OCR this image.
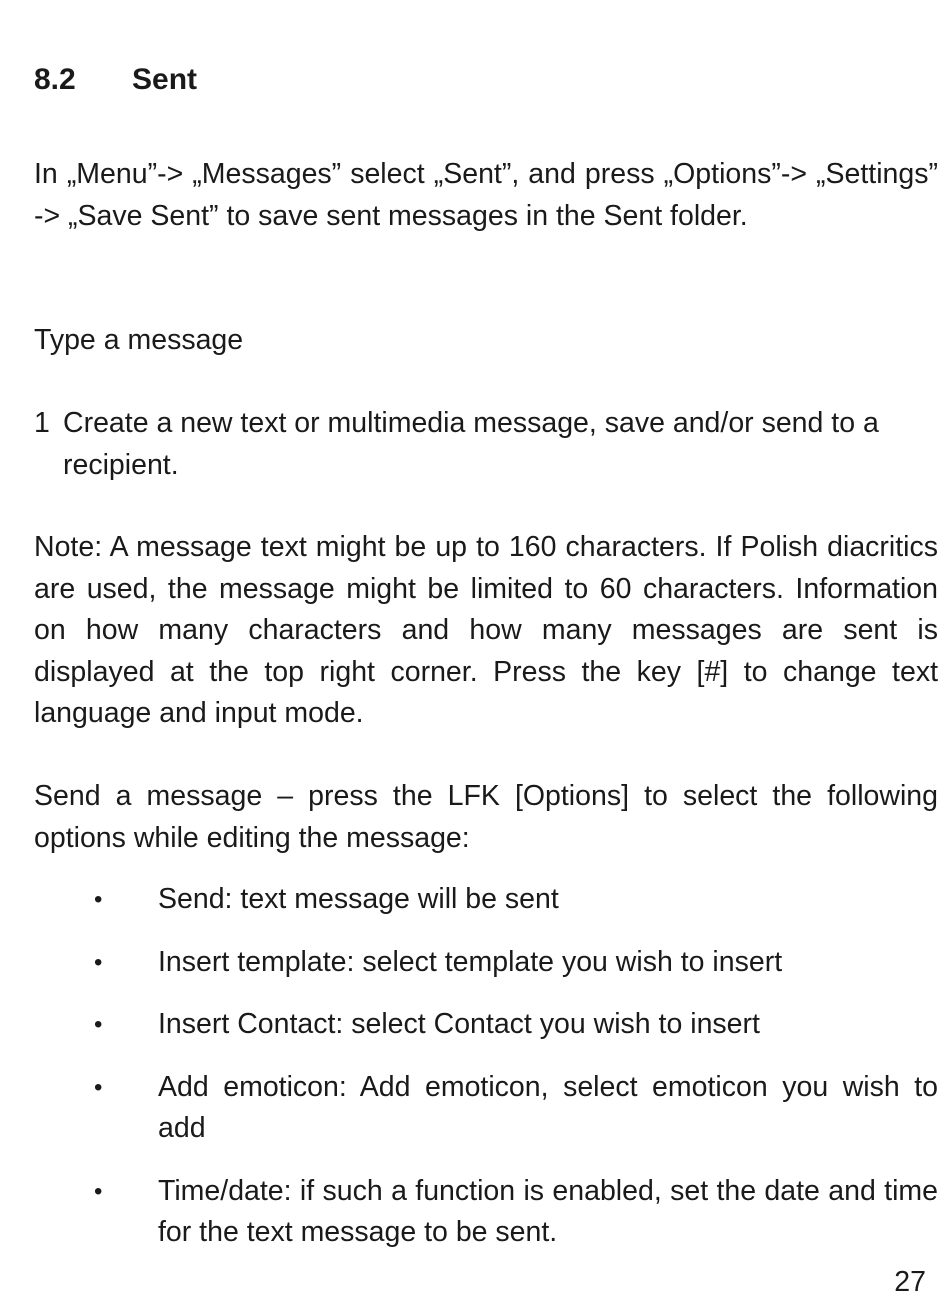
8.2 Sent

In „Menu”-> „Messages” select „Sent”, and press „Options”-> „Settings” -> „Save Sent” to save sent messages in the Sent folder.

Type a message

1 Create a new text or multimedia message, save and/or send to a recipient.

Note: A message text might be up to 160 characters. If Polish diacritics are used, the message might be limited to 60 characters. Information on how many characters and how many messages are sent is displayed at the top right corner. Press the key [#] to change text language and input mode.

Send a message – press the LFK [Options] to select the following options while editing the message:

• Send: text message will be sent
• Insert template: select template you wish to insert
• Insert Contact: select Contact you wish to insert
• Add emoticon: Add emoticon, select emoticon you wish to add
• Time/date: if such a function is enabled, set the date and time for the text message to be sent.
27
